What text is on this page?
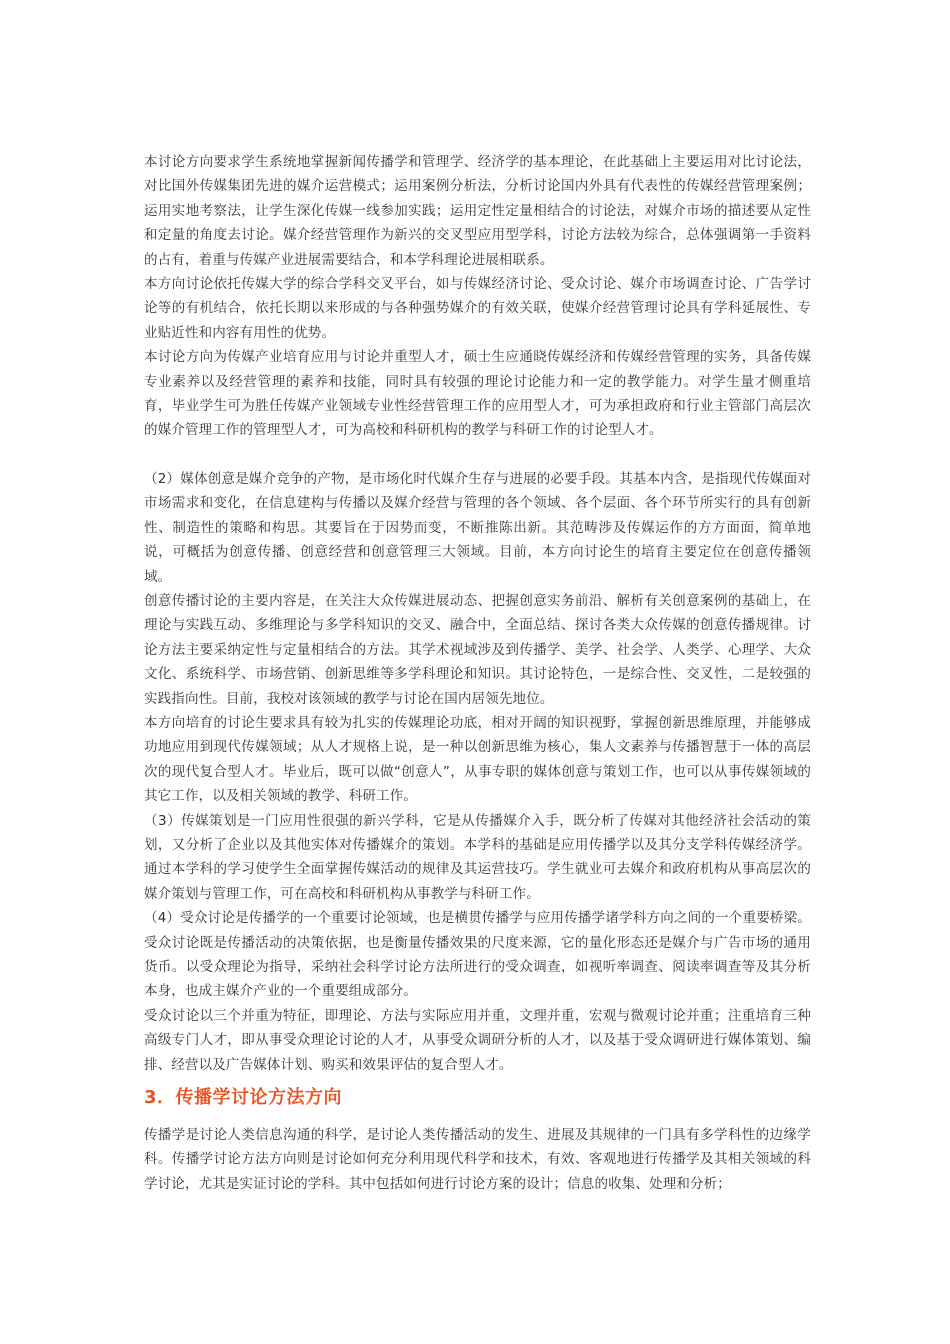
本讨论方向要求学生系统地掌握新闻传播学和管理学、经济学的基本理论，在此基础上主要运用对比讨论法，对比国外传媒集团先进的媒介运营模式；运用案例分析法，分析讨论国内外具有代表性的传媒经营管理案例；运用实地考察法，让学生深化传媒一线参加实践；运用定性定量相结合的讨论法，对媒介市场的描述要从定性和定量的角度去讨论。媒介经营管理作为新兴的交叉型应用型学科，讨论方法较为综合，总体强调第一手资料的占有，着重与传媒产业进展需要结合，和本学科理论进展相联系。

本方向讨论依托传媒大学的综合学科交叉平台，如与传媒经济讨论、受众讨论、媒介市场调查讨论、广告学讨论等的有机结合，依托长期以来形成的与各种强势媒介的有效关联，使媒介经营管理讨论具有学科延展性、专业贴近性和内容有用性的优势。

本讨论方向为传媒产业培育应用与讨论并重型人才，硕士生应通晓传媒经济和传媒经营管理的实务，具备传媒专业素养以及经营管理的素养和技能，同时具有较强的理论讨论能力和一定的教学能力。对学生量才侧重培育，毕业学生可为胜任传媒产业领域专业性经营管理工作的应用型人才，可为承担政府和行业主管部门高层次的媒介管理工作的管理型人才，可为高校和科研机构的教学与科研工作的讨论型人才。

（2）媒体创意是媒介竞争的产物，是市场化时代媒介生存与进展的必要手段。其基本内含，是指现代传媒面对市场需求和变化，在信息建构与传播以及媒介经营与管理的各个领域、各个层面、各个环节所实行的具有创新性、制造性的策略和构思。其要旨在于因势而变，不断推陈出新。其范畴涉及传媒运作的方方面面，简单地说，可概括为创意传播、创意经营和创意管理三大领域。目前，本方向讨论生的培育主要定位在创意传播领域。

创意传播讨论的主要内容是，在关注大众传媒进展动态、把握创意实务前沿、解析有关创意案例的基础上，在理论与实践互动、多维理论与多学科知识的交叉、融合中，全面总结、探讨各类大众传媒的创意传播规律。讨论方法主要采纳定性与定量相结合的方法。其学术视域涉及到传播学、美学、社会学、人类学、心理学、大众文化、系统科学、市场营销、创新思维等多学科理论和知识。其讨论特色，一是综合性、交叉性，二是较强的实践指向性。目前，我校对该领域的教学与讨论在国内居领先地位。

本方向培育的讨论生要求具有较为扎实的传媒理论功底，相对开阔的知识视野，掌握创新思维原理，并能够成功地应用到现代传媒领域；从人才规格上说，是一种以创新思维为核心，集人文素养与传播智慧于一体的高层次的现代复合型人才。毕业后，既可以做“创意人”，从事专职的媒体创意与策划工作，也可以从事传媒领域的其它工作，以及相关领域的教学、科研工作。

（3）传媒策划是一门应用性很强的新兴学科，它是从传播媒介入手，既分析了传媒对其他经济社会活动的策划，又分析了企业以及其他实体对传播媒介的策划。本学科的基础是应用传播学以及其分支学科传媒经济学。通过本学科的学习使学生全面掌握传媒活动的规律及其运营技巧。学生就业可去媒介和政府机构从事高层次的媒介策划与管理工作，可在高校和科研机构从事教学与科研工作。

（4）受众讨论是传播学的一个重要讨论领域，也是横贯传播学与应用传播学诸学科方向之间的一个重要桥梁。受众讨论既是传播活动的决策依据，也是衡量传播效果的尺度来源，它的量化形态还是媒介与广告市场的通用货币。以受众理论为指导，采纳社会科学讨论方法所进行的受众调查，如视听率调查、阅读率调查等及其分析本身，也成主媒介产业的一个重要组成部分。

受众讨论以三个并重为特征，即理论、方法与实际应用并重，文理并重，宏观与微观讨论并重；注重培育三种高级专门人才，即从事受众理论讨论的人才，从事受众调研分析的人才，以及基于受众调研进行媒体策划、编排、经营以及广告媒体计划、购买和效果评估的复合型人才。

3．传播学讨论方法方向

传播学是讨论人类信息沟通的科学，是讨论人类传播活动的发生、进展及其规律的一门具有多学科性的边缘学科。传播学讨论方法方向则是讨论如何充分利用现代科学和技术，有效、客观地进行传播学及其相关领域的科学讨论，尤其是实证讨论的学科。其中包括如何进行讨论方案的设计；信息的收集、处理和分析；
